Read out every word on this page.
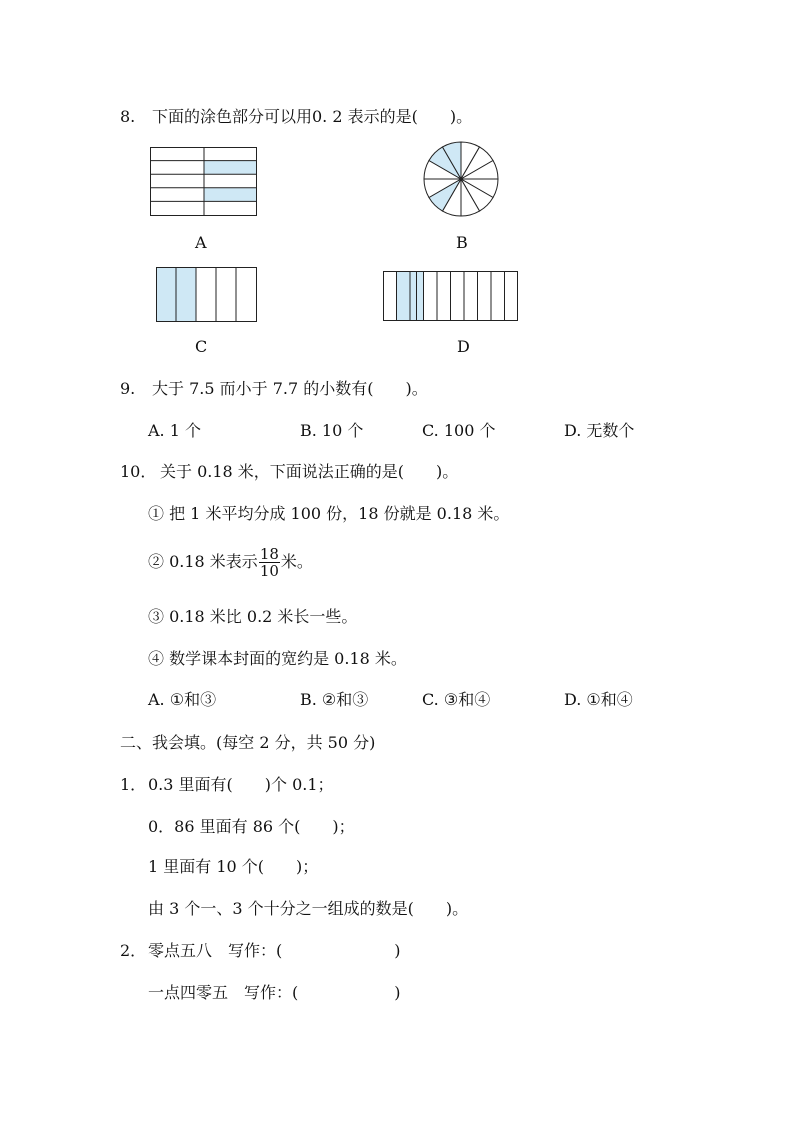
8. 下面的涂色部分可以用0. 2 表示的是(　　)。
A	B
C	D
9. 大于 7.5 而小于 7.7 的小数有(　　)。
A. 1 个	B. 10 个	C. 100 个	D. 无数个
10． 关于 0.18 米，下面说法正确的是(　　)。
① 把 1 米平均分成 100 份，18 份就是 0.18 米。
② 0.18 米表示 $\frac{18}{10}$ 米。
③ 0.18 米比 0.2 米长一些。
④ 数学课本封面的宽约是 0.18 米。
A. ①和③	B. ②和③	C. ③和④	D. ①和④
二、我会填。(每空 2 分，共 50 分)
1． 0.3 里面有(　　)个 0.1；
0．86 里面有 86 个(　　)；
1 里面有 10 个(　　)；
由 3 个一、3 个十分之一组成的数是(　　)。
2． 零点五八　写作：(　　　　　　　)
一点四零五　写作：(　　　　　　)
